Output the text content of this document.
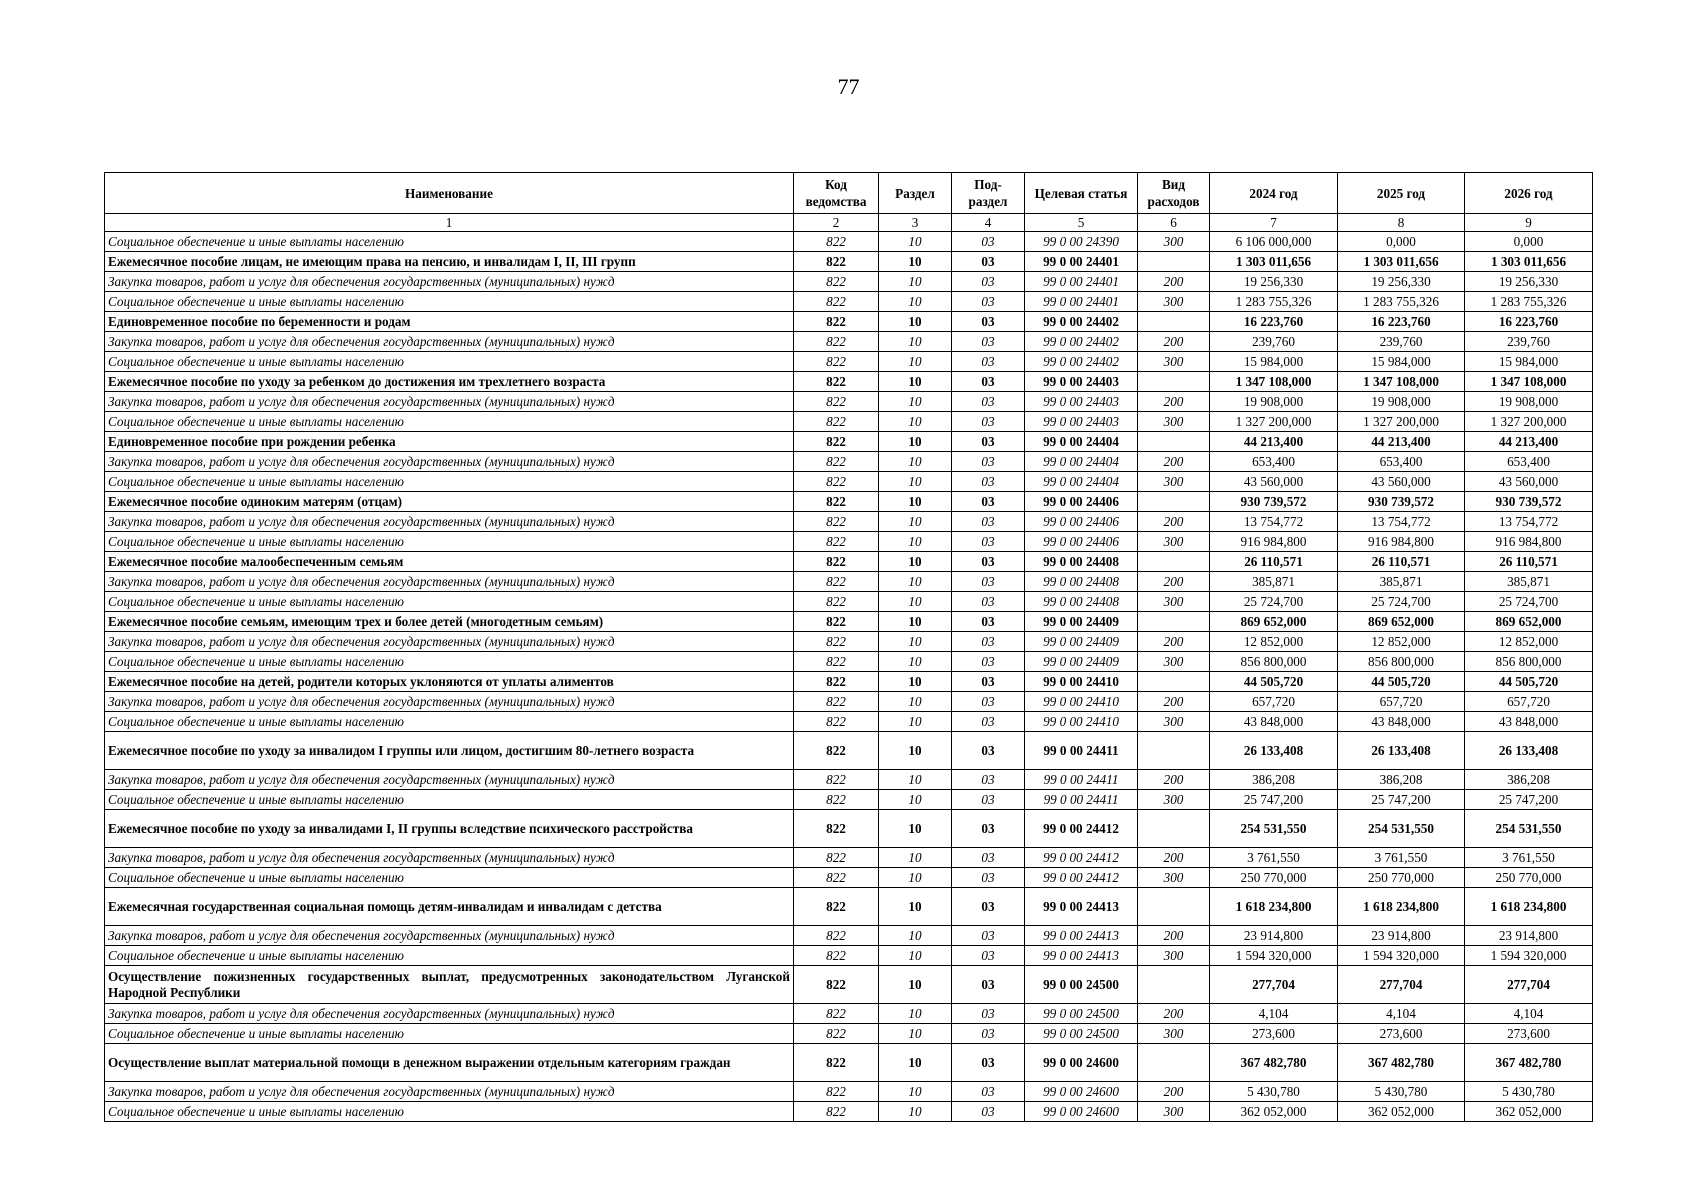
77
Наименование	Код ведомства	Раздел	Под-раздел	Целевая статья	Вид расходов	2024 год	2025 год	2026 год
1	2	3	4	5	6	7	8	9
Социальное обеспечение и иные выплаты населению	822	10	03	99 0 00 24390	300	6 106 000,000	0,000	0,000
Ежемесячное пособие лицам, не имеющим права на пенсию, и инвалидам I, II, III групп	822	10	03	99 0 00 24401		1 303 011,656	1 303 011,656	1 303 011,656
Закупка товаров, работ и услуг для обеспечения государственных (муниципальных) нужд	822	10	03	99 0 00 24401	200	19 256,330	19 256,330	19 256,330
Социальное обеспечение и иные выплаты населению	822	10	03	99 0 00 24401	300	1 283 755,326	1 283 755,326	1 283 755,326
Единовременное пособие по беременности и родам	822	10	03	99 0 00 24402		16 223,760	16 223,760	16 223,760
Закупка товаров, работ и услуг для обеспечения государственных (муниципальных) нужд	822	10	03	99 0 00 24402	200	239,760	239,760	239,760
Социальное обеспечение и иные выплаты населению	822	10	03	99 0 00 24402	300	15 984,000	15 984,000	15 984,000
Ежемесячное пособие по уходу за ребенком до достижения им трехлетнего возраста	822	10	03	99 0 00 24403		1 347 108,000	1 347 108,000	1 347 108,000
Закупка товаров, работ и услуг для обеспечения государственных (муниципальных) нужд	822	10	03	99 0 00 24403	200	19 908,000	19 908,000	19 908,000
Социальное обеспечение и иные выплаты населению	822	10	03	99 0 00 24403	300	1 327 200,000	1 327 200,000	1 327 200,000
Единовременное пособие при рождении ребенка	822	10	03	99 0 00 24404		44 213,400	44 213,400	44 213,400
Закупка товаров, работ и услуг для обеспечения государственных (муниципальных) нужд	822	10	03	99 0 00 24404	200	653,400	653,400	653,400
Социальное обеспечение и иные выплаты населению	822	10	03	99 0 00 24404	300	43 560,000	43 560,000	43 560,000
Ежемесячное пособие одиноким матерям (отцам)	822	10	03	99 0 00 24406		930 739,572	930 739,572	930 739,572
Закупка товаров, работ и услуг для обеспечения государственных (муниципальных) нужд	822	10	03	99 0 00 24406	200	13 754,772	13 754,772	13 754,772
Социальное обеспечение и иные выплаты населению	822	10	03	99 0 00 24406	300	916 984,800	916 984,800	916 984,800
Ежемесячное пособие малообеспеченным семьям	822	10	03	99 0 00 24408		26 110,571	26 110,571	26 110,571
Закупка товаров, работ и услуг для обеспечения государственных (муниципальных) нужд	822	10	03	99 0 00 24408	200	385,871	385,871	385,871
Социальное обеспечение и иные выплаты населению	822	10	03	99 0 00 24408	300	25 724,700	25 724,700	25 724,700
Ежемесячное пособие семьям, имеющим трех и более детей (многодетным семьям)	822	10	03	99 0 00 24409		869 652,000	869 652,000	869 652,000
Закупка товаров, работ и услуг для обеспечения государственных (муниципальных) нужд	822	10	03	99 0 00 24409	200	12 852,000	12 852,000	12 852,000
Социальное обеспечение и иные выплаты населению	822	10	03	99 0 00 24409	300	856 800,000	856 800,000	856 800,000
Ежемесячное пособие на детей, родители которых уклоняются от уплаты алиментов	822	10	03	99 0 00 24410		44 505,720	44 505,720	44 505,720
Закупка товаров, работ и услуг для обеспечения государственных (муниципальных) нужд	822	10	03	99 0 00 24410	200	657,720	657,720	657,720
Социальное обеспечение и иные выплаты населению	822	10	03	99 0 00 24410	300	43 848,000	43 848,000	43 848,000
Ежемесячное пособие по уходу за инвалидом I группы или лицом, достигшим 80-летнего возраста	822	10	03	99 0 00 24411		26 133,408	26 133,408	26 133,408
Закупка товаров, работ и услуг для обеспечения государственных (муниципальных) нужд	822	10	03	99 0 00 24411	200	386,208	386,208	386,208
Социальное обеспечение и иные выплаты населению	822	10	03	99 0 00 24411	300	25 747,200	25 747,200	25 747,200
Ежемесячное пособие по уходу за инвалидами I, II группы вследствие психического расстройства	822	10	03	99 0 00 24412		254 531,550	254 531,550	254 531,550
Закупка товаров, работ и услуг для обеспечения государственных (муниципальных) нужд	822	10	03	99 0 00 24412	200	3 761,550	3 761,550	3 761,550
Социальное обеспечение и иные выплаты населению	822	10	03	99 0 00 24412	300	250 770,000	250 770,000	250 770,000
Ежемесячная государственная социальная помощь детям-инвалидам и инвалидам с детства	822	10	03	99 0 00 24413		1 618 234,800	1 618 234,800	1 618 234,800
Закупка товаров, работ и услуг для обеспечения государственных (муниципальных) нужд	822	10	03	99 0 00 24413	200	23 914,800	23 914,800	23 914,800
Социальное обеспечение и иные выплаты населению	822	10	03	99 0 00 24413	300	1 594 320,000	1 594 320,000	1 594 320,000
Осуществление пожизненных государственных выплат, предусмотренных законодательством Луганской Народной Республики	822	10	03	99 0 00 24500		277,704	277,704	277,704
Закупка товаров, работ и услуг для обеспечения государственных (муниципальных) нужд	822	10	03	99 0 00 24500	200	4,104	4,104	4,104
Социальное обеспечение и иные выплаты населению	822	10	03	99 0 00 24500	300	273,600	273,600	273,600
Осуществление выплат материальной помощи в денежном выражении отдельным категориям граждан	822	10	03	99 0 00 24600		367 482,780	367 482,780	367 482,780
Закупка товаров, работ и услуг для обеспечения государственных (муниципальных) нужд	822	10	03	99 0 00 24600	200	5 430,780	5 430,780	5 430,780
Социальное обеспечение и иные выплаты населению	822	10	03	99 0 00 24600	300	362 052,000	362 052,000	362 052,000
